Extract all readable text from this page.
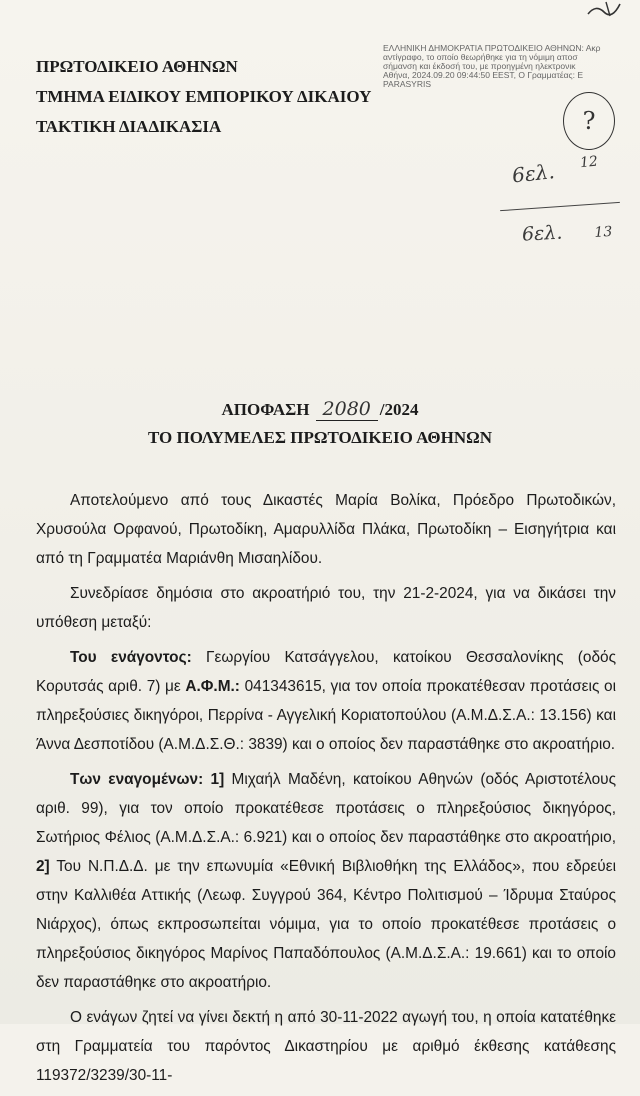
ΠΡΩΤΟΔΙΚΕΙΟ ΑΘΗΝΩΝ
ΤΜΗΜΑ ΕΙΔΙΚΟΥ ΕΜΠΟΡΙΚΟΥ ΔΙΚΑΙΟΥ
ΤΑΚΤΙΚΗ ΔΙΑΔΙΚΑΣΙΑ
ΕΛΛΗΝΙΚΗ ΔΗΜΟΚΡΑΤΙΑ ΠΡΩΤΟΔΙΚΕΙΟ ΑΘΗΝΩΝ: Ακρ
αντίγραφο, το οποίο θεωρήθηκε για τη νόμιμη αποσ
σήμανση και έκδοσή του, με προηγμένη ηλεκτρονικ
Αθήνα, 2024.09.20 09:44:50 EEST, Ο Γραμματέας: Ε
PARASYRIS
?
6ελ. $^{12}$
6ελ. 13
ΑΠΟΦΑΣΗ 2080 /2024
ΤΟ ΠΟΛΥΜΕΛΕΣ ΠΡΩΤΟΔΙΚΕΙΟ ΑΘΗΝΩΝ

Αποτελούμενο από τους Δικαστές Μαρία Βολίκα, Πρόεδρο Πρωτοδικών, Χρυσούλα Ορφανού, Πρωτοδίκη, Αμαρυλλίδα Πλάκα, Πρωτοδίκη – Εισηγήτρια και από τη Γραμματέα Μαριάνθη Μισαηλίδου.

Συνεδρίασε δημόσια στο ακροατήριό του, την 21-2-2024, για να δικάσει την υπόθεση μεταξύ:

Του ενάγοντος: Γεωργίου Κατσάγγελου, κατοίκου Θεσσαλονίκης (οδός Κορυτσάς αριθ. 7) με Α.Φ.Μ.: 041343615, για τον οποία προκατέθεσαν προτάσεις οι πληρεξούσιες δικηγόροι, Περρίνα - Αγγελική Κοριατοπούλου (Α.Μ.Δ.Σ.Α.: 13.156) και Άννα Δεσποτίδου (Α.Μ.Δ.Σ.Θ.: 3839) και ο οποίος δεν παραστάθηκε στο ακροατήριο.

Των εναγομένων: 1] Μιχαήλ Μαδένη, κατοίκου Αθηνών (οδός Αριστοτέλους αριθ. 99), για τον οποίο προκατέθεσε προτάσεις ο πληρεξούσιος δικηγόρος, Σωτήριος Φέλιος (Α.Μ.Δ.Σ.Α.: 6.921) και ο οποίος δεν παραστάθηκε στο ακροατήριο, 2] Του Ν.Π.Δ.Δ. με την επωνυμία «Εθνική Βιβλιοθήκη της Ελλάδος», που εδρεύει στην Καλλιθέα Αττικής (Λεωφ. Συγγρού 364, Κέντρο Πολιτισμού – Ίδρυμα Σταύρος Νιάρχος), όπως εκπροσωπείται νόμιμα, για το οποίο προκατέθεσε προτάσεις ο πληρεξούσιος δικηγόρος Μαρίνος Παπαδόπουλος (Α.Μ.Δ.Σ.Α.: 19.661) και το οποίο δεν παραστάθηκε στο ακροατήριο.

Ο ενάγων ζητεί να γίνει δεκτή η από 30-11-2022 αγωγή του, η οποία κατατέθηκε στη Γραμματεία του παρόντος Δικαστηρίου με αριθμό έκθεσης κατάθεσης 119372/3239/30-11-
